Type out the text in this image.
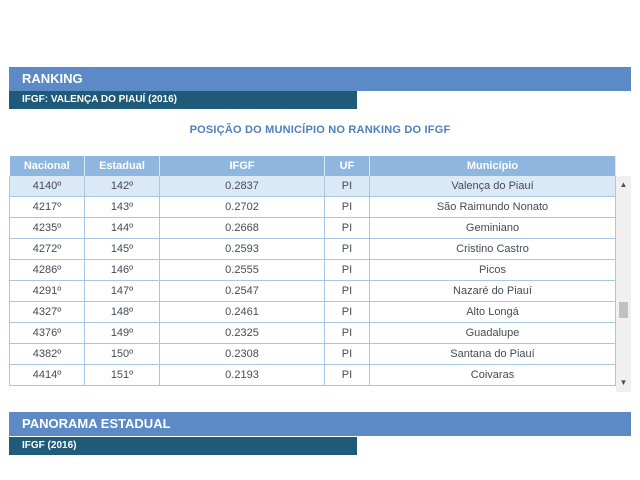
RANKING
IFGF: VALENÇA DO PIAUÍ (2016)
POSIÇÃO DO MUNICÍPIO NO RANKING DO IFGF
Nacional	Estadual	IFGF	UF	Município
4140º	142º	0.2837	PI	Valença do Piauí
4217º	143º	0.2702	PI	São Raimundo Nonato
4235º	144º	0.2668	PI	Geminiano
4272º	145º	0.2593	PI	Cristino Castro
4286º	146º	0.2555	PI	Picos
4291º	147º	0.2547	PI	Nazaré do Piauí
4327º	148º	0.2461	PI	Alto Longá
4376º	149º	0.2325	PI	Guadalupe
4382º	150º	0.2308	PI	Santana do Piauí
4414º	151º	0.2193	PI	Coivaras
▲
▼
PANORAMA ESTADUAL
IFGF (2016)
